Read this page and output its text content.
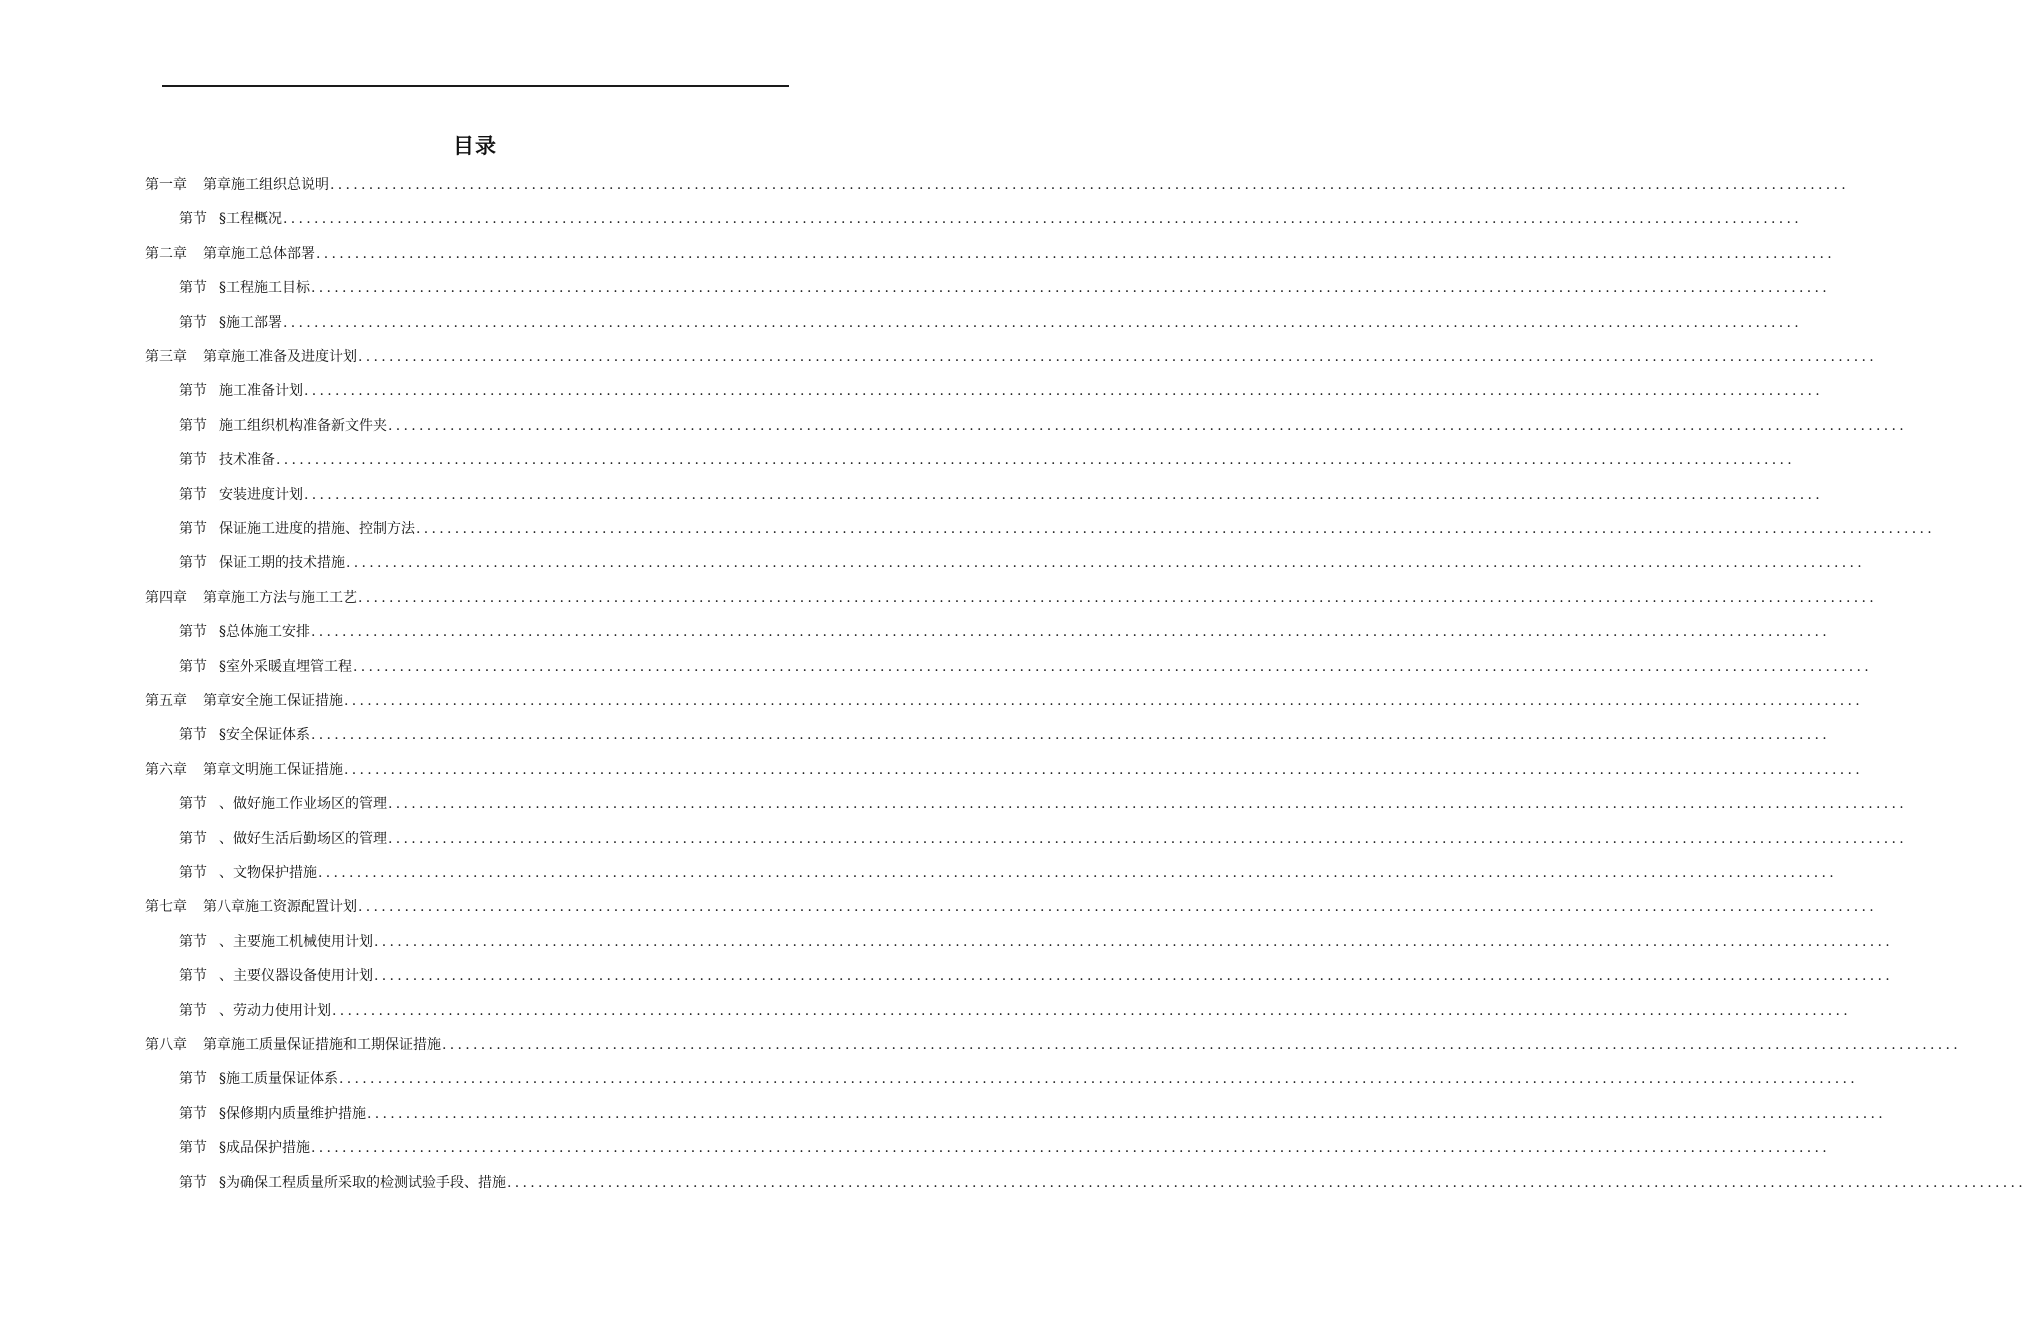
目录
第一章	第章施工组织总说明 ....................................................................................................................................................................................................
第节 §工程概况 ....................................................................................................................................................................................................
第二章	第章施工总体部署 ....................................................................................................................................................................................................
第节 §工程施工目标 ....................................................................................................................................................................................................
第节 §施工部署 ....................................................................................................................................................................................................
第三章	第章施工准备及进度计划 ....................................................................................................................................................................................................
第节 施工准备计划 ....................................................................................................................................................................................................
第节 施工组织机构准备新文件夹 ....................................................................................................................................................................................................
第节 技术准备 ....................................................................................................................................................................................................
第节 安装进度计划 ....................................................................................................................................................................................................
第节 保证施工进度的措施、控制方法 ....................................................................................................................................................................................................
第节 保证工期的技术措施 ....................................................................................................................................................................................................
第四章	第章施工方法与施工工艺 ....................................................................................................................................................................................................
第节 §总体施工安排 ....................................................................................................................................................................................................
第节 §室外采暖直埋管工程 ....................................................................................................................................................................................................
第五章	第章安全施工保证措施 ....................................................................................................................................................................................................
第节 §安全保证体系 ....................................................................................................................................................................................................
第六章	第章文明施工保证措施 ....................................................................................................................................................................................................
第节 、做好施工作业场区的管理 ....................................................................................................................................................................................................
第节 、做好生活后勤场区的管理 ....................................................................................................................................................................................................
第节 、文物保护措施 ....................................................................................................................................................................................................
第七章	第八章施工资源配置计划 ....................................................................................................................................................................................................
第节 、主要施工机械使用计划 ....................................................................................................................................................................................................
第节 、主要仪器设备使用计划 ....................................................................................................................................................................................................
第节 、劳动力使用计划 ....................................................................................................................................................................................................
第八章	第章施工质量保证措施和工期保证措施 ....................................................................................................................................................................................................
第节 §施工质量保证体系 ....................................................................................................................................................................................................
第节 §保修期内质量维护措施 ....................................................................................................................................................................................................
第节 §成品保护措施 ....................................................................................................................................................................................................
第节 §为确保工程质量所采取的检测试验手段、措施 ....................................................................................................................................................................................................
